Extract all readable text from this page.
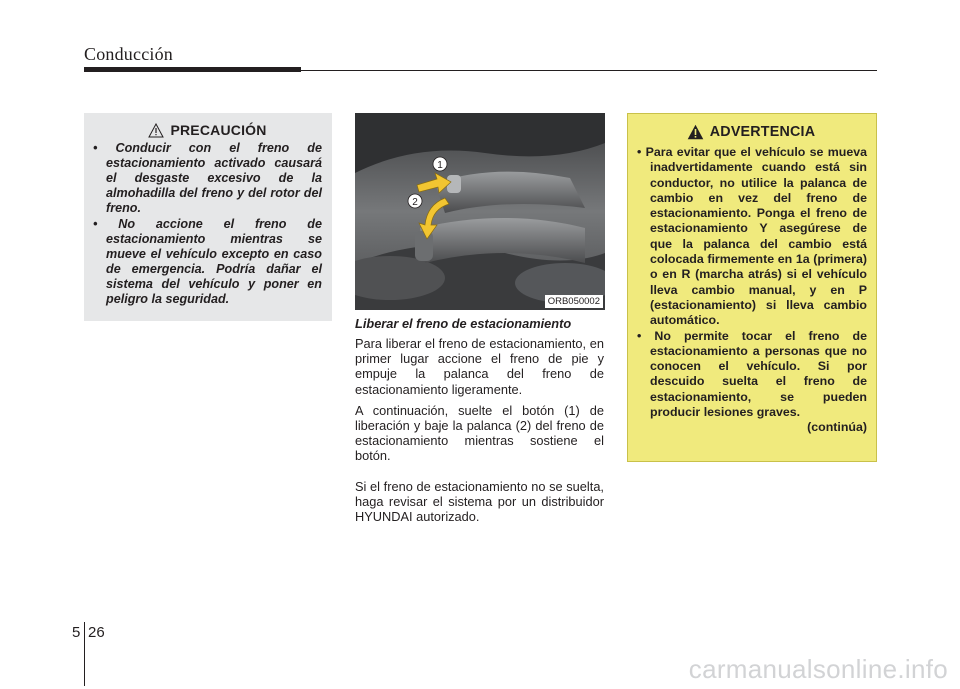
Conducción
PRECAUCIÓN
• Conducir con el freno de estacionamiento activado causará el desgaste excesivo de la almohadilla del freno y del rotor del freno.
• No accione el freno de estacionamiento mientras se mueve el vehículo excepto en caso de emergencia. Podría dañar el sistema del vehículo y poner en peligro la seguridad.
1
2
ORB050002

Liberar el freno de estacionamiento

Para liberar el freno de estacionamiento, en primer lugar accione el freno de pie y empuje la palanca del freno de estacionamiento ligeramente.

A continuación, suelte el botón (1) de liberación y baje la palanca (2) del freno de estacionamiento mientras sostiene el botón.

Si el freno de estacionamiento no se suelta, haga revisar el sistema por un distribuidor HYUNDAI autorizado.

ADVERTENCIA
• Para evitar que el vehículo se mueva inadvertidamente cuando está sin conductor, no utilice la palanca de cambio en vez del freno de estacionamiento. Ponga el freno de estacionamiento Y asegúrese de que la palanca del cambio está colocada firmemente en 1a (primera) o en R (marcha atrás) si el vehículo lleva cambio manual, y en P (estacionamiento) si lleva cambio automático.
• No permite tocar el freno de estacionamiento a personas que no conocen el vehículo. Si por descuido suelta el freno de estacionamiento, se pueden producir lesiones graves.
(continúa)
5 26
carmanualsonline.info
